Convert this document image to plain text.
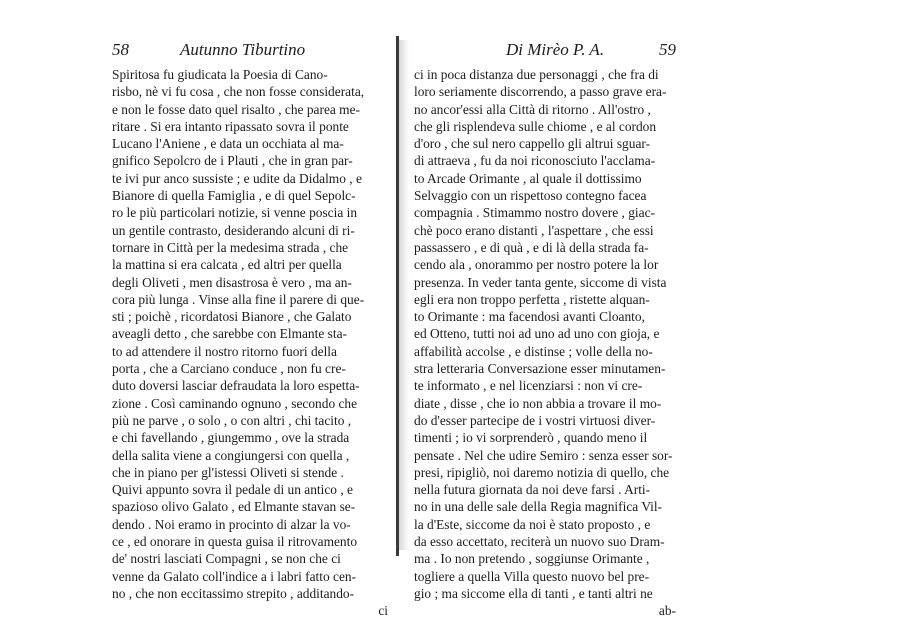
58	Autunno Tiburtino
Spiritosa fu giudicata la Poesia di Cano-
risbo, nè vi fu cosa , che non fosse considerata,
e non le fosse dato quel risalto , che parea me-
ritare . Si era intanto ripassato sovra il ponte
Lucano l'Aniene , e data un occhiata al ma-
gnifico Sepolcro de i Plauti , che in gran par-
te ivi pur anco sussiste ; e udite da Didalmo , e
Bianore di quella Famiglia , e di quel Sepolc-
ro le più particolari notizie, si venne poscia in
un gentile contrasto, desiderando alcuni di ri-
tornare in Città per la medesima strada , che
la mattina si era calcata , ed altri per quella
degli Oliveti , men disastrosa è vero , ma an-
cora più lunga . Vinse alla fine il parere di que-
sti ; poichè , ricordatosi Bianore , che Galato
aveagli detto , che sarebbe con Elmante sta-
to ad attendere il nostro ritorno fuori della
porta , che a Carciano conduce , non fu cre-
duto doversi lasciar defraudata la loro espetta-
zione . Così caminando ognuno , secondo che
più ne parve , o solo , o con altri , chi tacito ,
e chi favellando , giungemmo , ove la strada
della salita viene a congiungersi con quella ,
che in piano per gl'istessi Oliveti si stende .
Quivi appunto sovra il pedale di un antico , e
spazioso olivo Galato , ed Elmante stavan se-
dendo . Noi eramo in procinto di alzar la vo-
ce , ed onorare in questa guisa il ritrovamento
de' nostri lasciati Compagni , se non che ci
venne da Galato coll'indice a i labri fatto cen-
no , che non eccitassimo strepito , additando-
ci
Di Mirèo P. A.	59
ci in poca distanza due personaggi , che fra di
loro seriamente discorrendo, a passo grave era-
no ancor'essi alla Città di ritorno . All'ostro ,
che gli risplendeva sulle chiome , e al cordon
d'oro , che sul nero cappello gli altrui sguar-
di attraeva , fu da noi riconosciuto l'acclama-
to Arcade Orimante , al quale il dottissimo
Selvaggio con un rispettoso contegno facea
compagnia . Stimammo nostro dovere , giac-
chè poco erano distanti , l'aspettare , che essi
passassero , e di quà , e di là della strada fa-
cendo ala , onorammo per nostro potere la lor
presenza. In veder tanta gente, siccome di vista
egli era non troppo perfetta , ristette alquan-
to Orimante : ma facendosi avanti Cloanto,
ed Otteno, tutti noi ad uno ad uno con gioja, e
affabilità accolse , e distinse ; volle della no-
stra letteraria Conversazione esser minutamen-
te informato , e nel licenziarsi : non vi cre-
diate , disse , che io non abbia a trovare il mo-
do d'esser partecipe de i vostri virtuosi diver-
timenti ; io vi sorprenderò , quando meno il
pensate . Nel che udire Semiro : senza esser sor-
presi, ripigliò, noi daremo notizia di quello, che
nella futura giornata da noi deve farsi . Arti-
no in una delle sale della Regia magnifica Vil-
la d'Este, siccome da noi è stato proposto , e
da esso accettato, reciterà un nuovo suo Dram-
ma . Io non pretendo , soggiunse Orimante ,
togliere a quella Villa questo nuovo bel pre-
gio ; ma siccome ella di tanti , e tanti altri ne
ab-
